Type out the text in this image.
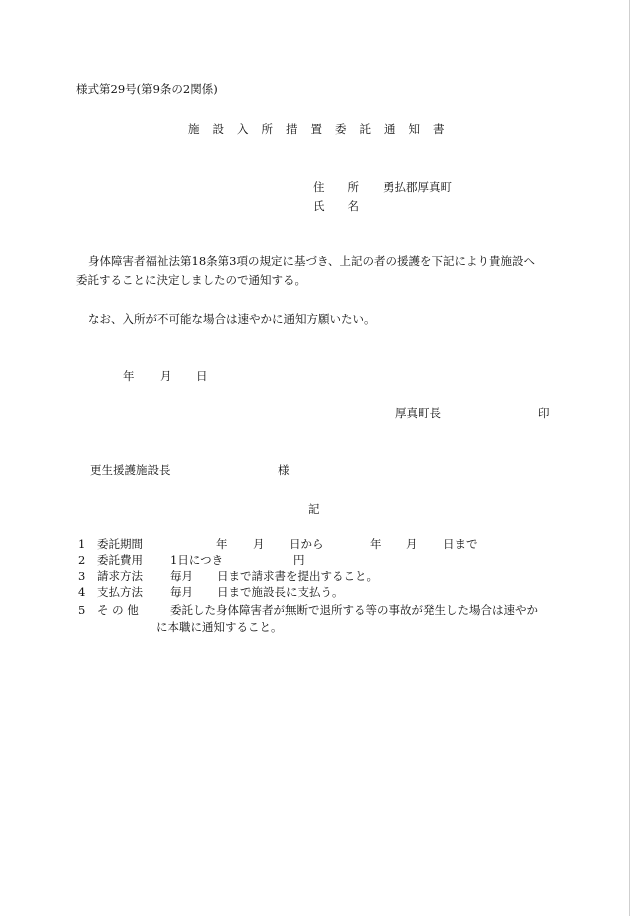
様式第29号(第9条の2関係)
施 設 入 所 措 置 委 託 通 知 書
住　　所 勇払郡厚真町
氏　　名
身体障害者福祉法第18条第3項の規定に基づき、上記の者の援護を下記により貴施設へ
委託することに決定しましたので通知する。
なお、入所が不可能な場合は速やかに通知方願いたい。
年 月 日
厚真町長	印
更生援護施設長	様
記
1 委託期間	年 月 日から	年 月 日まで
2 委託費用 1日につき	円
3 請求方法 毎月 日まで請求書を提出すること。
4 支払方法 毎月 日まで施設長に支払う。
5 そ の 他	委託した身体障害者が無断で退所する等の事故が発生した場合は速やか
に本職に通知すること。
